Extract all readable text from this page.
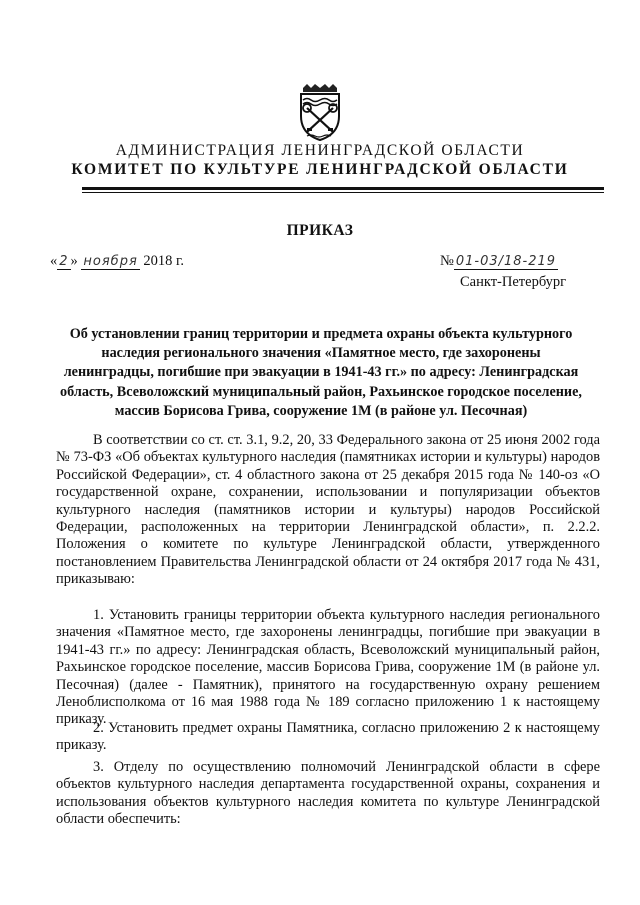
АДМИНИСТРАЦИЯ ЛЕНИНГРАДСКОЙ ОБЛАСТИ
КОМИТЕТ ПО КУЛЬТУРЕ ЛЕНИНГРАДСКОЙ ОБЛАСТИ
ПРИКАЗ
« 2 » ноября 2018 г.	№ 01-03/18-219
Санкт-Петербург
Об установлении границ территории и предмета охраны объекта культурного наследия регионального значения «Памятное место, где захоронены ленинградцы, погибшие при эвакуации в 1941-43 гг.» по адресу: Ленинградская область, Всеволожский муниципальный район, Рахьинское городское поселение, массив Борисова Грива, сооружение 1М (в районе ул. Песочная)

В соответствии со ст. ст. 3.1, 9.2, 20, 33 Федерального закона от 25 июня 2002 года № 73-ФЗ «Об объектах культурного наследия (памятниках истории и культуры) народов Российской Федерации», ст. 4 областного закона от 25 декабря 2015 года № 140-оз «О государственной охране, сохранении, использовании и популяризации объектов культурного наследия (памятников истории и культуры) народов Российской Федерации, расположенных на территории Ленинградской области», п. 2.2.2. Положения о комитете по культуре Ленинградской области, утвержденного постановлением Правительства Ленинградской области от 24 октября 2017 года № 431, приказываю:

1. Установить границы территории объекта культурного наследия регионального значения «Памятное место, где захоронены ленинградцы, погибшие при эвакуации в 1941-43 гг.» по адресу: Ленинградская область, Всеволожский муниципальный район, Рахьинское городское поселение, массив Борисова Грива, сооружение 1М (в районе ул. Песочная) (далее - Памятник), принятого на государственную охрану решением Леноблисполкома от 16 мая 1988 года № 189 согласно приложению 1 к настоящему приказу.

2. Установить предмет охраны Памятника, согласно приложению 2 к настоящему приказу.

3. Отделу по осуществлению полномочий Ленинградской области в сфере объектов культурного наследия департамента государственной охраны, сохранения и использования объектов культурного наследия комитета по культуре Ленинградской области обеспечить:
